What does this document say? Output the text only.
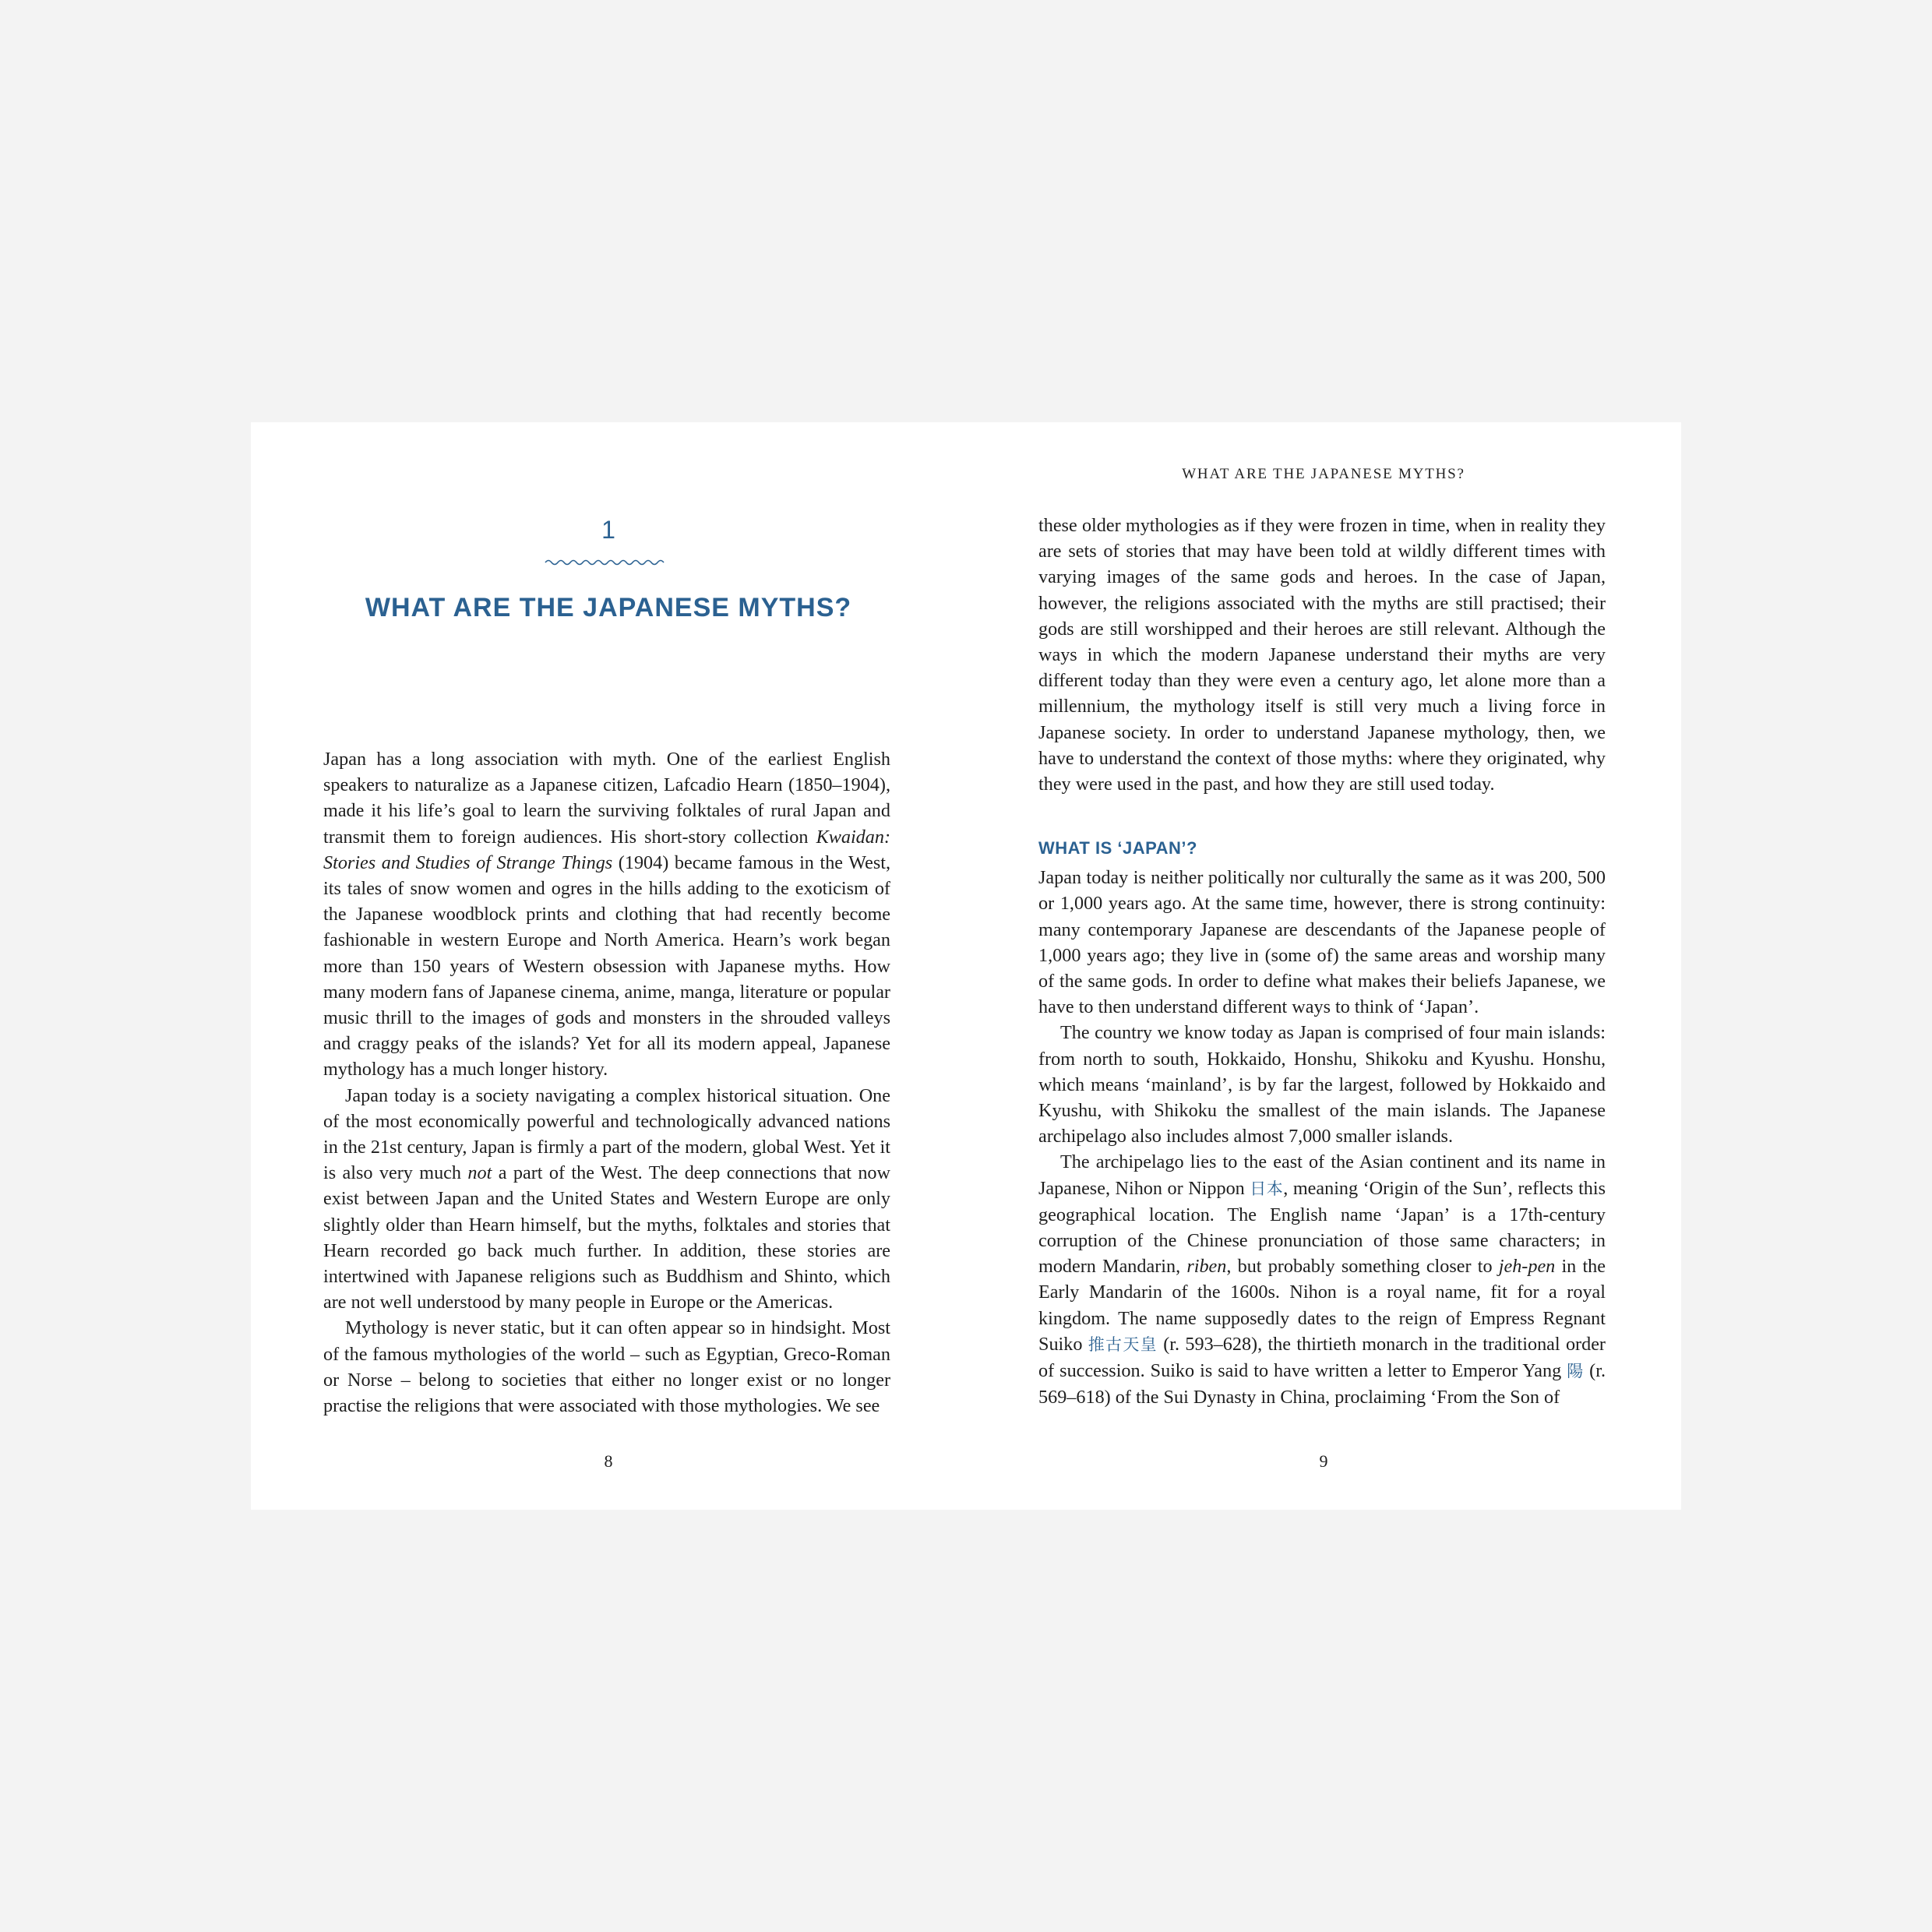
1
WHAT ARE THE JAPANESE MYTHS?

Japan has a long association with myth. One of the earliest English speakers to naturalize as a Japanese citizen, Lafcadio Hearn (1850–1904), made it his life’s goal to learn the surviving folktales of rural Japan and transmit them to foreign audiences. His short-story collection Kwaidan: Stories and Studies of Strange Things (1904) became famous in the West, its tales of snow women and ogres in the hills adding to the exoticism of the Japanese woodblock prints and clothing that had recently become fashionable in western Europe and North America. Hearn’s work began more than 150 years of Western obsession with Japanese myths. How many modern fans of Japanese cinema, anime, manga, literature or popular music thrill to the images of gods and monsters in the shrouded valleys and craggy peaks of the islands? Yet for all its modern appeal, Japanese mythology has a much longer history.

Japan today is a society navigating a complex historical situation. One of the most economically powerful and technologically advanced nations in the 21st century, Japan is firmly a part of the modern, global West. Yet it is also very much not a part of the West. The deep connections that now exist between Japan and the United States and Western Europe are only slightly older than Hearn himself, but the myths, folktales and stories that Hearn recorded go back much further. In addition, these stories are intertwined with Japanese religions such as Buddhism and Shinto, which are not well understood by many people in Europe or the Americas.

Mythology is never static, but it can often appear so in hindsight. Most of the famous mythologies of the world – such as Egyptian, Greco-Roman or Norse – belong to societies that either no longer exist or no longer practise the religions that were associated with those mythologies. We see

8
WHAT ARE THE JAPANESE MYTHS?

these older mythologies as if they were frozen in time, when in reality they are sets of stories that may have been told at wildly different times with varying images of the same gods and heroes. In the case of Japan, however, the religions associated with the myths are still practised; their gods are still worshipped and their heroes are still relevant. Although the ways in which the modern Japanese understand their myths are very different today than they were even a century ago, let alone more than a millennium, the mythology itself is still very much a living force in Japanese society. In order to understand Japanese mythology, then, we have to understand the context of those myths: where they originated, why they were used in the past, and how they are still used today.

WHAT IS ‘JAPAN’?

Japan today is neither politically nor culturally the same as it was 200, 500 or 1,000 years ago. At the same time, however, there is strong continuity: many contemporary Japanese are descendants of the Japanese people of 1,000 years ago; they live in (some of) the same areas and worship many of the same gods. In order to define what makes their beliefs Japanese, we have to then understand different ways to think of ‘Japan’.

The country we know today as Japan is comprised of four main islands: from north to south, Hokkaido, Honshu, Shikoku and Kyushu. Honshu, which means ‘mainland’, is by far the largest, followed by Hokkaido and Kyushu, with Shikoku the smallest of the main islands. The Japanese archipelago also includes almost 7,000 smaller islands.

The archipelago lies to the east of the Asian continent and its name in Japanese, Nihon or Nippon 日本, meaning ‘Origin of the Sun’, reflects this geographical location. The English name ‘Japan’ is a 17th-century corruption of the Chinese pronunciation of those same characters; in modern Mandarin, riben, but probably something closer to jeh-pen in the Early Mandarin of the 1600s. Nihon is a royal name, fit for a royal kingdom. The name supposedly dates to the reign of Empress Regnant Suiko 推古天皇 (r. 593–628), the thirtieth monarch in the traditional order of succession. Suiko is said to have written a letter to Emperor Yang 陽 (r. 569–618) of the Sui Dynasty in China, proclaiming ‘From the Son of

9
